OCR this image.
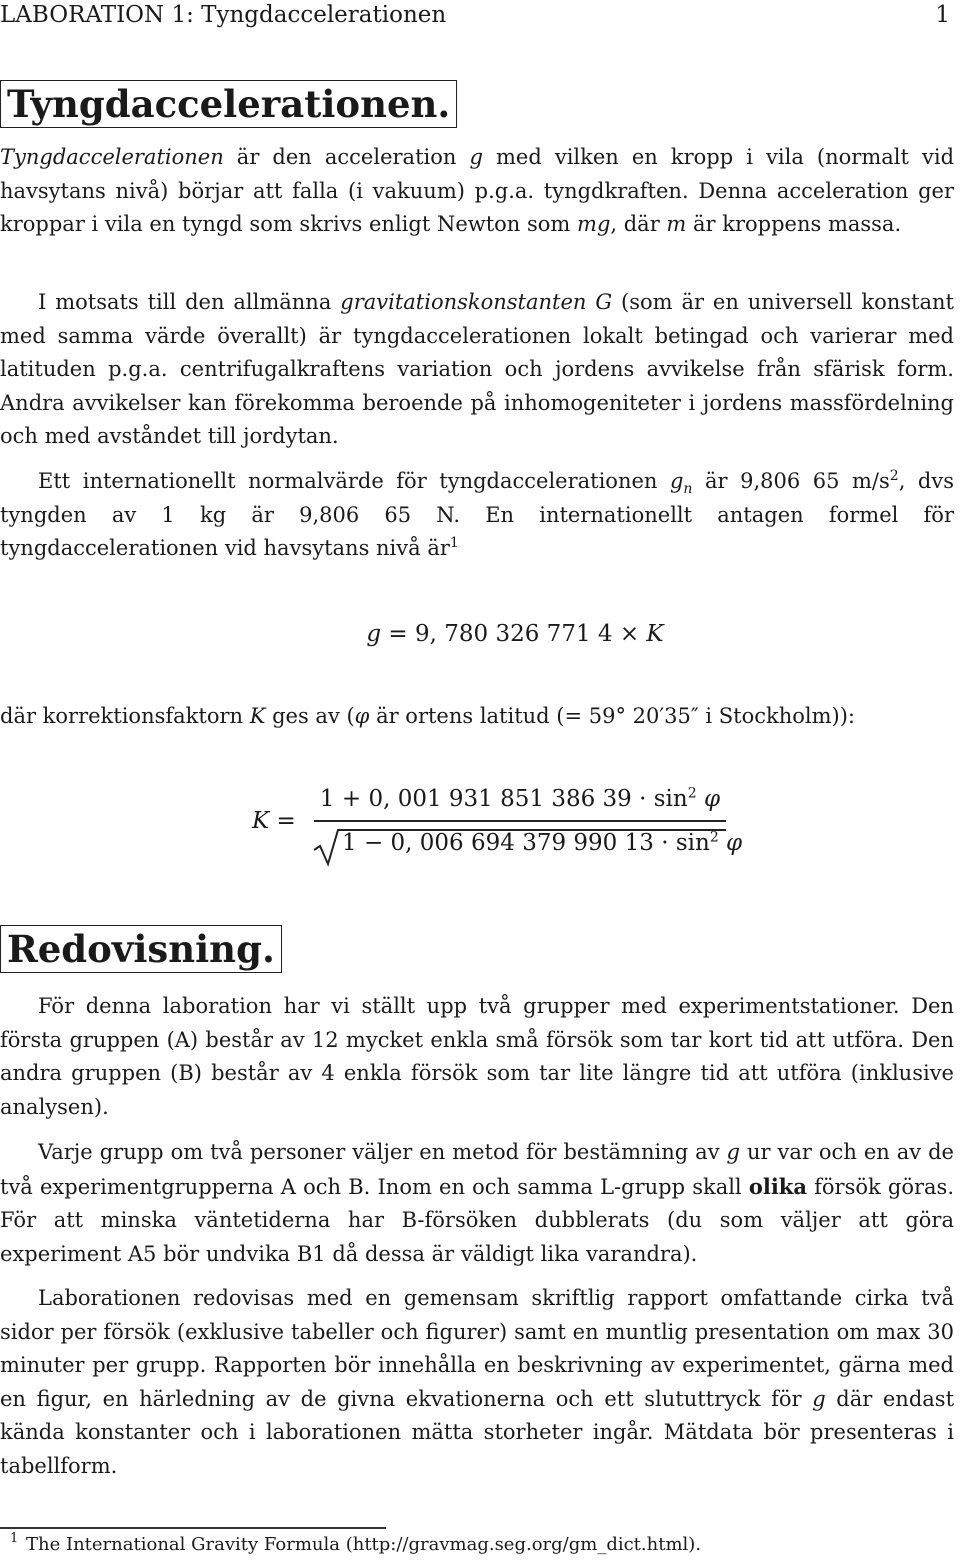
LABORATION 1: Tyngdaccelerationen	1
Tyngdaccelerationen.

Tyngdaccelerationen är den acceleration g med vilken en kropp i vila (normalt vid havsytans nivå) börjar att falla (i vakuum) p.g.a. tyngdkraften. Denna acceleration ger kroppar i vila en tyngd som skrivs enligt Newton som mg, där m är kroppens massa.

I motsats till den allmänna gravitationskonstanten G (som är en universell konstant med samma värde överallt) är tyngdaccelerationen lokalt betingad och varierar med latituden p.g.a. centrifugalkraftens variation och jordens avvikelse från sfärisk form. Andra avvikelser kan förekomma beroende på inhomogeniteter i jordens massfördelning och med avståndet till jordytan.

Ett internationellt normalvärde för tyngdaccelerationen $g_n$ är 9,806 65 $m/s^2$, dvs tyngden av 1 kg är 9,806 65 N. En internationellt antagen formel för tyngdaccelerationen vid havsytans nivå $är^1$

g = 9, 780 326 771 4 × K

där korrektionsfaktorn K ges av (φ är ortens latitud (= 59° 20′35″ i Stockholm)):

K =
1 + 0, 001 931 851 386 $39 \cdot \sin^2 \varphi$
1 − 0, 006 694 379 990 $13 \cdot \sin^2 \varphi$
Redovisning.

För denna laboration har vi ställt upp två grupper med experimentstationer. Den första gruppen (A) består av 12 mycket enkla små försök som tar kort tid att utföra. Den andra gruppen (B) består av 4 enkla försök som tar lite längre tid att utföra (inklusive analysen).

Varje grupp om två personer väljer en metod för bestämning av g ur var och en av de två experimentgrupperna A och B. Inom en och samma L-grupp skall olika försök göras. För att minska väntetiderna har B-försöken dubblerats (du som väljer att göra experiment A5 bör undvika B1 då dessa är väldigt lika varandra).

Laborationen redovisas med en gemensam skriftlig rapport omfattande cirka två sidor per försök (exklusive tabeller och figurer) samt en muntlig presentation om max 30 minuter per grupp. Rapporten bör innehålla en beskrivning av experimentet, gärna med en figur, en härledning av de givna ekvationerna och ett slututtryck för g där endast kända konstanter och i laborationen mätta storheter ingår. Mätdata bör presenteras i tabellform.

1 The International Gravity Formula (http://gravmag.seg.org/gm_dict.html).
